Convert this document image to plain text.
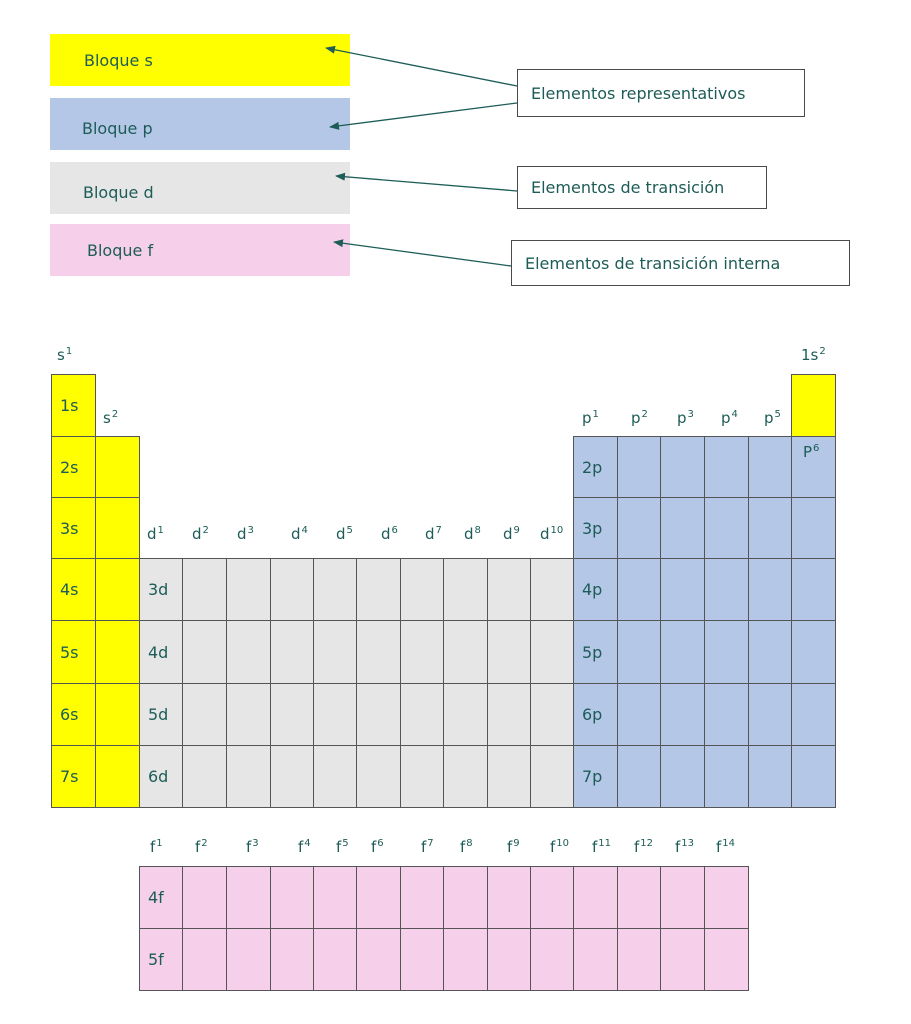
Bloque s
Bloque p
Bloque d
Bloque f
Elementos representativos
Elementos de transición
Elementos de transición interna
1s
2s
3s
4s
5s
6s
7s
3d
4d
5d
6d
2p
3p
4p
5p
6p
7p
4f
5f
$s^1$
$s^2$
$1s^2$
$P^6$
$p^1$ $p^2$ $p^3$ $p^4$ $p^5$
$d^1$ $d^2$ $d^3$ $d^4$ $d^5$ $d^6$ $d^7$ $d^8$ $d^9$ $d^{10}$
$f^1$ $f^2$	$f^3$	$f^4$ $f^5$ $f^6$ $f^7$ $f^8$ $f^9$ $f^{10}$ $f^{11}$ $f^{12}$ $f^{13}$ $f^{14}$
